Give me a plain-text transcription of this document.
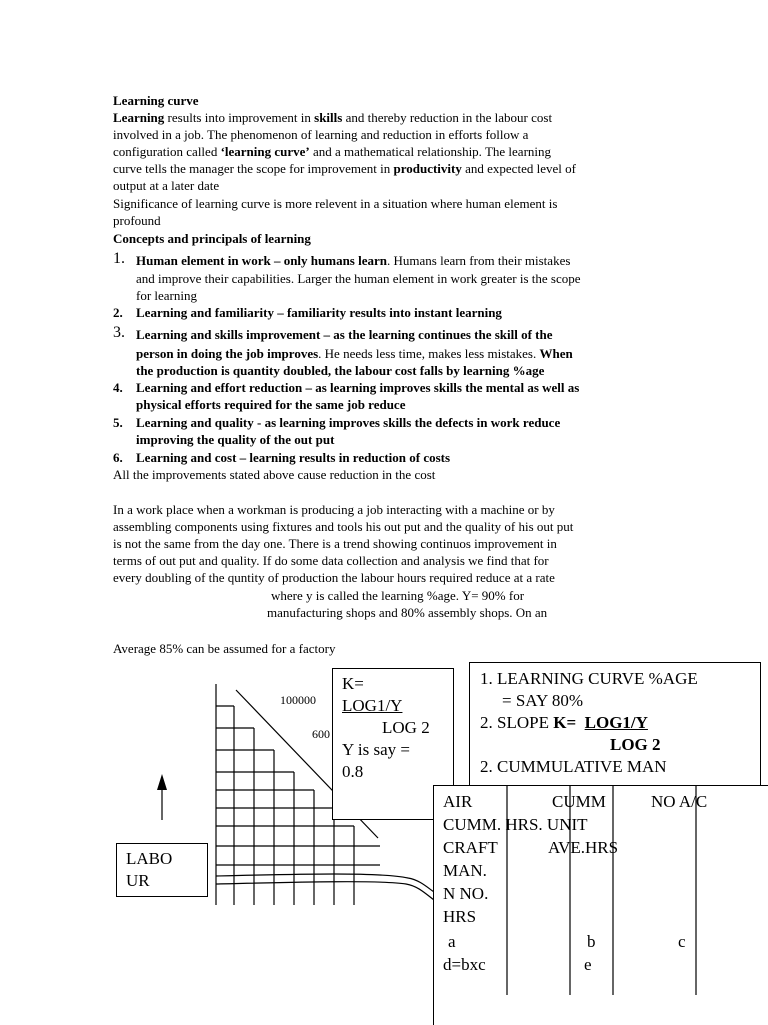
Learning curve
Learning results into improvement in skills and thereby reduction in the labour cost
involved in a job. The phenomenon of learning and reduction in efforts follow a
configuration called ‘learning curve’ and a mathematical relationship. The learning
curve tells the manager the scope for improvement in productivity and expected level of
output at a later date
Significance of learning curve is more relevent in a situation where human element is
profound
Concepts and principals of learning
1. Human element in work – only humans learn. Humans learn from their mistakes
and improve their capabilities. Larger the human element in work greater is the scope
for learning
2. Learning and familiarity – familiarity results into instant learning
3. Learning and skills improvement – as the learning continues the skill of the
person in doing the job improves. He needs less time, makes less mistakes. When
the production is quantity doubled, the labour cost falls by learning %age
4. Learning and effort reduction – as learning improves skills the mental as well as
physical efforts required for the same job reduce
5. Learning and quality - as learning improves skills the defects in work reduce
improving the quality of the out put
6. Learning and cost – learning results in reduction of costs
All the improvements stated above cause reduction in the cost
In a work place when a workman is producing a job interacting with a machine or by
assembling components using fixtures and tools his out put and the quality of his out put
is not the same from the day one. There is a trend showing continuos improvement in
terms of out put and quality. If do some data collection and analysis we find that for
every doubling of the quntity of production the labour hours required reduce at a rate
where y is called the learning %age. Y= 90% for
manufacturing shops and 80% assembly shops. On an
Average 85% can be assumed for a factory
100000
600
LABO
UR
K=
LOG1/Y
LOG 2
Y is say =
0.8
1. LEARNING CURVE %AGE
= SAY 80%
2. SLOPE K= LOG1/Y
LOG 2
2. CUMMULATIVE MAN
AIR	CUMM	NO A/C
CUMM. HRS. UNIT
CRAFT	AVE.HRS
MAN.
N NO.
HRS
a	b	c
d=bxc	e
